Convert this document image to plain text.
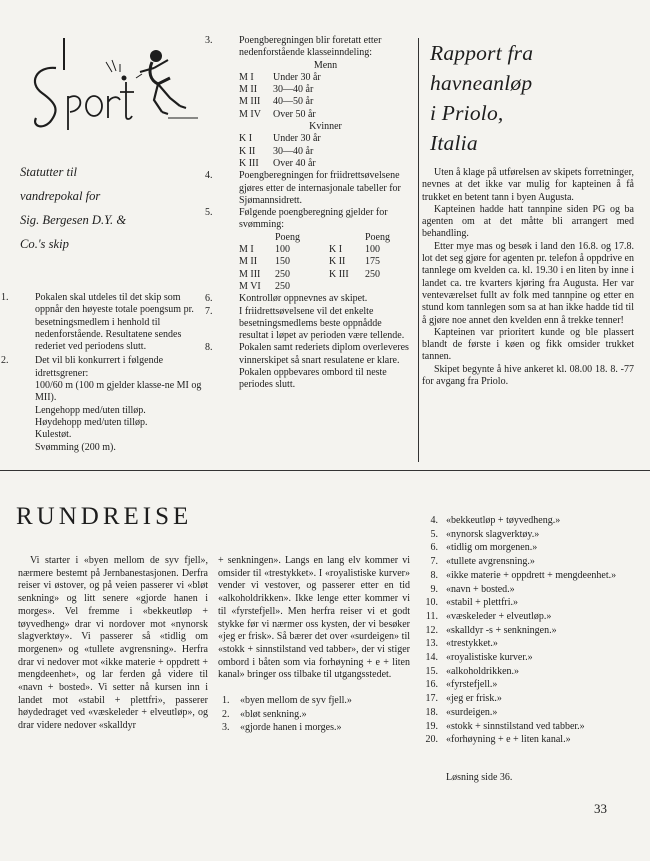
Statutter til
vandrepokal for
Sig. Bergesen D.Y. &
Co.'s skip

1.	Pokalen skal utdeles til det skip som oppnår den høyeste totale poengsum pr. besetningsmedlem i henhold til nedenforstående. Resultatene sendes rederiet ved periodens slutt.

2.	Det vil bli konkurrert i følgende idrettsgrener:

100/60 m (100 m gjelder klasse-ne MI og MII).

Lengehopp med/uten tilløp.

Høydehopp med/uten tilløp.

Kulestøt.

Svømming (200 m).

3.	Poengberegningen blir foretatt etter nedenforstående klasseinndeling:

Menn
M I Under 30 år
M II 30—40 år
M III 40—50 år
M IV Over 50 år
Kvinner
K I Under 30 år
K II 30—40 år
K III Over 40 år

4.	Poengberegningen for friidrettsøvelsene gjøres etter de internasjonale tabeller for Sjømannsidrett.

5.	Følgende poengberegning gjelder for svømming:

Poeng	Poeng
M I	100	K I	100
M II	150	K II	175
M III	250	K III	250
M VI	250

6.	Kontrollør oppnevnes av skipet.

7.	I friidrettsøvelsene vil det enkelte besetningsmedlems beste oppnådde resultat i løpet av perioden være tellende.

8.	Pokalen samt rederiets diplom overleveres vinnerskipet så snart resulatene er klare. Pokalen oppbevares ombord til neste periodes slutt.

Rapport fra
havneanløp
i Priolo,
Italia

Uten å klage på utførelsen av skipets forretninger, nevnes at det ikke var mulig for kapteinen å få trukket en betent tann i byen Augusta.

Kapteinen hadde hatt tannpine siden PG og ba agenten om at det måtte bli arrangert med behandling.

Etter mye mas og besøk i land den 16.8. og 17.8. lot det seg gjøre for agenten pr. telefon å oppdrive en tannlege om kvelden ca. kl. 19.30 i en liten by inne i landet ca. tre kvarters kjøring fra Augusta. Her var venteværelset fullt av folk med tannpine og etter en stund kom tannlegen som sa at han ikke hadde tid til å gjøre noe annet den kvelden enn å trekke tenner!

Kapteinen var prioritert kunde og ble plassert blandt de første i køen og fikk omsider trukket tannen.

Skipet begynte å hive ankeret kl. 08.00 18. 8. -77 for avgang fra Priolo.

RUNDREISE

Vi starter i «byen mellom de syv fjell», nærmere bestemt på Jernbanestasjonen. Derfra reiser vi østover, og på veien passerer vi «bløt senkning» og litt senere «gjorde hanen i morges». Vel fremme i «bekkeutløp + tøyvedheng» drar vi nordover mot «nynorsk slagverktøy». Vi passerer så «tidlig om morgenen» og «tullete avgrensning». Herfra drar vi nedover mot «ikke materie + oppdrett + mengdeenhet», og lar ferden gå videre til «navn + bosted». Vi setter nå kursen inn i landet mot «stabil + plettfri», passerer høydedraget ved «væskeleder + elveutløp», og drar videre nedover «skalldyr

+ senkningen». Langs en lang elv kommer vi omsider til «trestykket». I «royalistiske kurver» vender vi vestover, og passerer etter en tid «alkoholdrikken». Ikke lenge etter kommer vi til «fyrstefjell». Men herfra reiser vi et godt stykke før vi nærmer oss kysten, der vi besøker «jeg er frisk». Så bærer det over «surdeigen» til «stokk + sinnstilstand ved tabber», der vi stiger ombord i båten som via forhøyning + e + liten kanal» bringer oss tilbake til utgangsstedet.

1. «byen mellom de syv fjell.»
2. «bløt senkning.»
3. «gjorde hanen i morges.»
4. «bekkeutløp + tøyvedheng.»
5. «nynorsk slagverktøy.»
6. «tidlig om morgenen.»
7. «tullete avgrensning.»
8. «ikke materie + oppdrett + mengdeenhet.»
9. «navn + bosted.»
10. «stabil + plettfri.»
11. «væskeleder + elveutløp.»
12. «skalldyr -s + senkningen.»
13. «trestykket.»
14. «royalistiske kurver.»
15. «alkoholdrikken.»
16. «fyrstefjell.»
17. «jeg er frisk.»
18. «surdeigen.»
19. «stokk + sinnstilstand ved tabber.»
20. «forhøyning + e + liten kanal.»
Løsning side 36.
33
